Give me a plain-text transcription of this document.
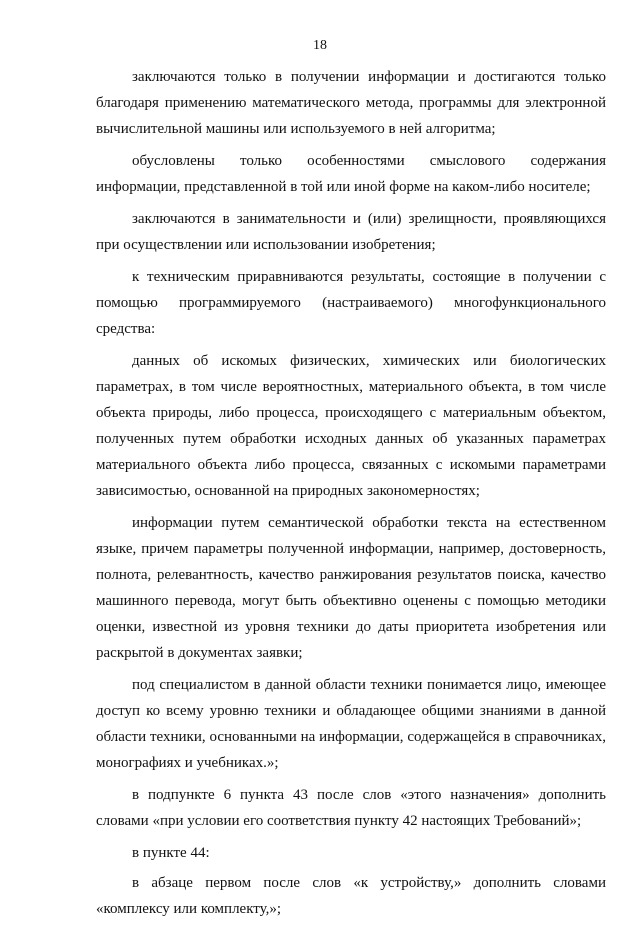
18

заключаются только в получении информации и достигаются только благодаря применению математического метода, программы для электронной вычислительной машины или используемого в ней алгоритма;

обусловлены только особенностями смыслового содержания информации, представленной в той или иной форме на каком-либо носителе;

заключаются в занимательности и (или) зрелищности, проявляющихся при осуществлении или использовании изобретения;

к техническим приравниваются результаты, состоящие в получении с помощью программируемого (настраиваемого) многофункционального средства:

данных об искомых физических, химических или биологических параметрах, в том числе вероятностных, материального объекта, в том числе объекта природы, либо процесса, происходящего с материальным объектом, полученных путем обработки исходных данных об указанных параметрах материального объекта либо процесса, связанных с искомыми параметрами зависимостью, основанной на природных закономерностях;

информации путем семантической обработки текста на естественном языке, причем параметры полученной информации, например, достоверность, полнота, релевантность, качество ранжирования результатов поиска, качество машинного перевода, могут быть объективно оценены с помощью методики оценки, известной из уровня техники до даты приоритета изобретения или раскрытой в документах заявки;

под специалистом в данной области техники понимается лицо, имеющее доступ ко всему уровню техники и обладающее общими знаниями в данной области техники, основанными на информации, содержащейся в справочниках, монографиях и учебниках.»;

в подпункте 6 пункта 43 после слов «этого назначения» дополнить словами «при условии его соответствия пункту 42 настоящих Требований»;

в пункте 44:

в абзаце первом после слов «к устройству,» дополнить словами «комплексу или комплекту,»;
